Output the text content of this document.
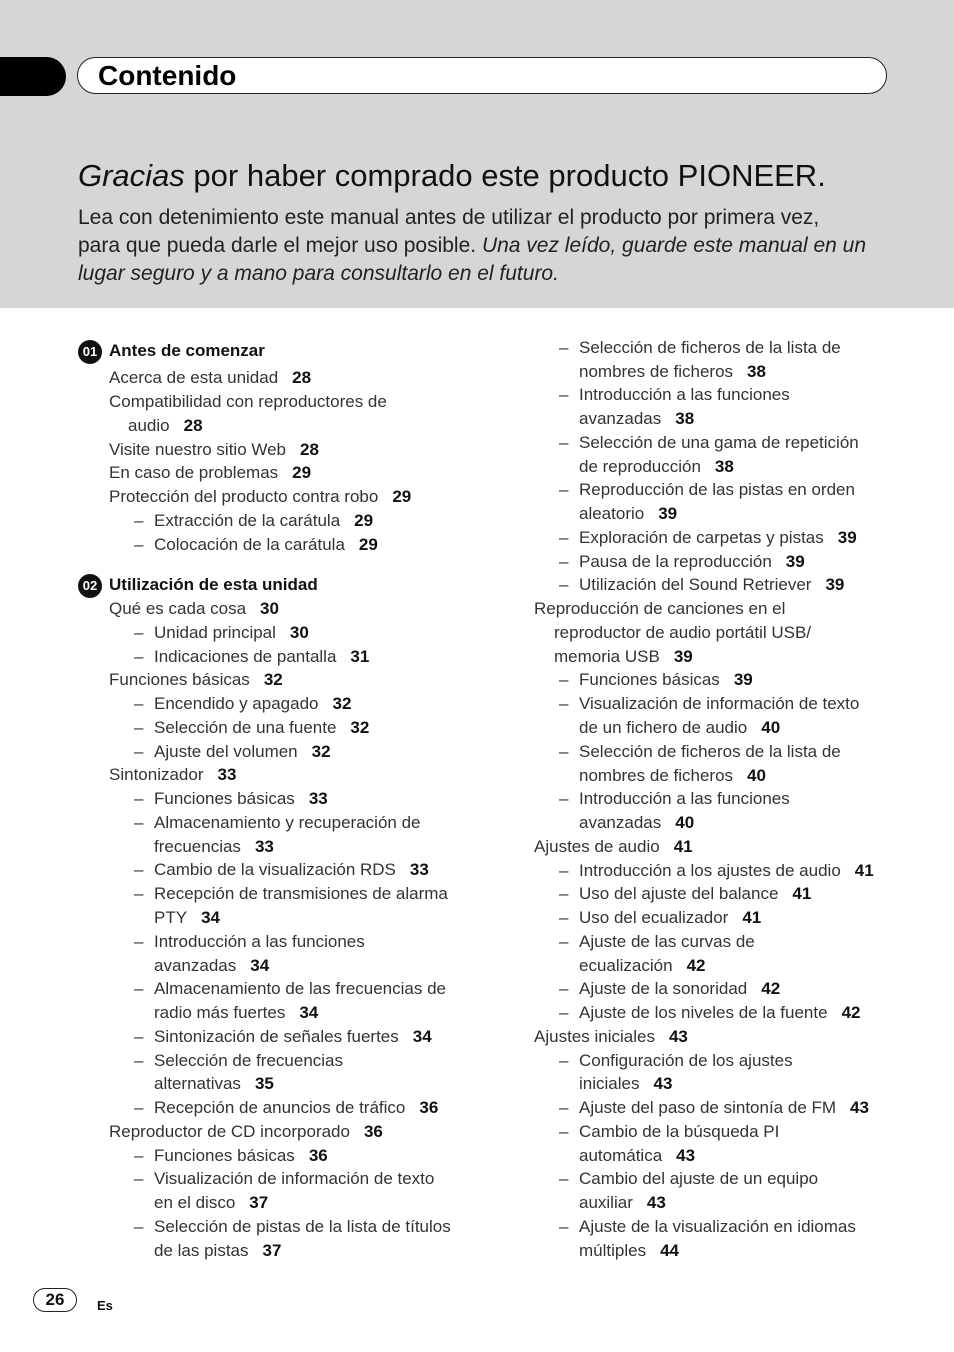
Contenido
Gracias por haber comprado este producto PIONEER.
Lea con detenimiento este manual antes de utilizar el producto por primera vez,
para que pueda darle el mejor uso posible. Una vez leído, guarde este manual en un
lugar seguro y a mano para consultarlo en el futuro.
01 Antes de comenzar
02 Utilización de esta unidad
Acerca de esta unidad 28
Compatibilidad con reproductores de
audio 28
Visite nuestro sitio Web 28
En caso de problemas 29
Protección del producto contra robo 29
– Extracción de la carátula 29
– Colocación de la carátula 29
Qué es cada cosa 30
– Unidad principal 30
– Indicaciones de pantalla 31
Funciones básicas 32
– Encendido y apagado 32
– Selección de una fuente 32
– Ajuste del volumen 32
Sintonizador 33
– Funciones básicas 33
– Almacenamiento y recuperación de
frecuencias 33
– Cambio de la visualización RDS 33
– Recepción de transmisiones de alarma
PTY 34
– Introducción a las funciones
avanzadas 34
– Almacenamiento de las frecuencias de
radio más fuertes 34
– Sintonización de señales fuertes 34
– Selección de frecuencias
alternativas 35
– Recepción de anuncios de tráfico 36
Reproductor de CD incorporado 36
– Funciones básicas 36
– Visualización de información de texto
en el disco 37
– Selección de pistas de la lista de títulos
de las pistas 37
– Selección de ficheros de la lista de
nombres de ficheros 38
– Introducción a las funciones
avanzadas 38
– Selección de una gama de repetición
de reproducción 38
– Reproducción de las pistas en orden
aleatorio 39
– Exploración de carpetas y pistas 39
– Pausa de la reproducción 39
– Utilización del Sound Retriever 39
Reproducción de canciones en el
reproductor de audio portátil USB/
memoria USB 39
– Funciones básicas 39
– Visualización de información de texto
de un fichero de audio 40
– Selección de ficheros de la lista de
nombres de ficheros 40
– Introducción a las funciones
avanzadas 40
Ajustes de audio 41
– Introducción a los ajustes de audio 41
– Uso del ajuste del balance 41
– Uso del ecualizador 41
– Ajuste de las curvas de
ecualización 42
– Ajuste de la sonoridad 42
– Ajuste de los niveles de la fuente 42
Ajustes iniciales 43
– Configuración de los ajustes
iniciales 43
– Ajuste del paso de sintonía de FM 43
– Cambio de la búsqueda PI
automática 43
– Cambio del ajuste de un equipo
auxiliar 43
– Ajuste de la visualización en idiomas
múltiples 44
26	Es
